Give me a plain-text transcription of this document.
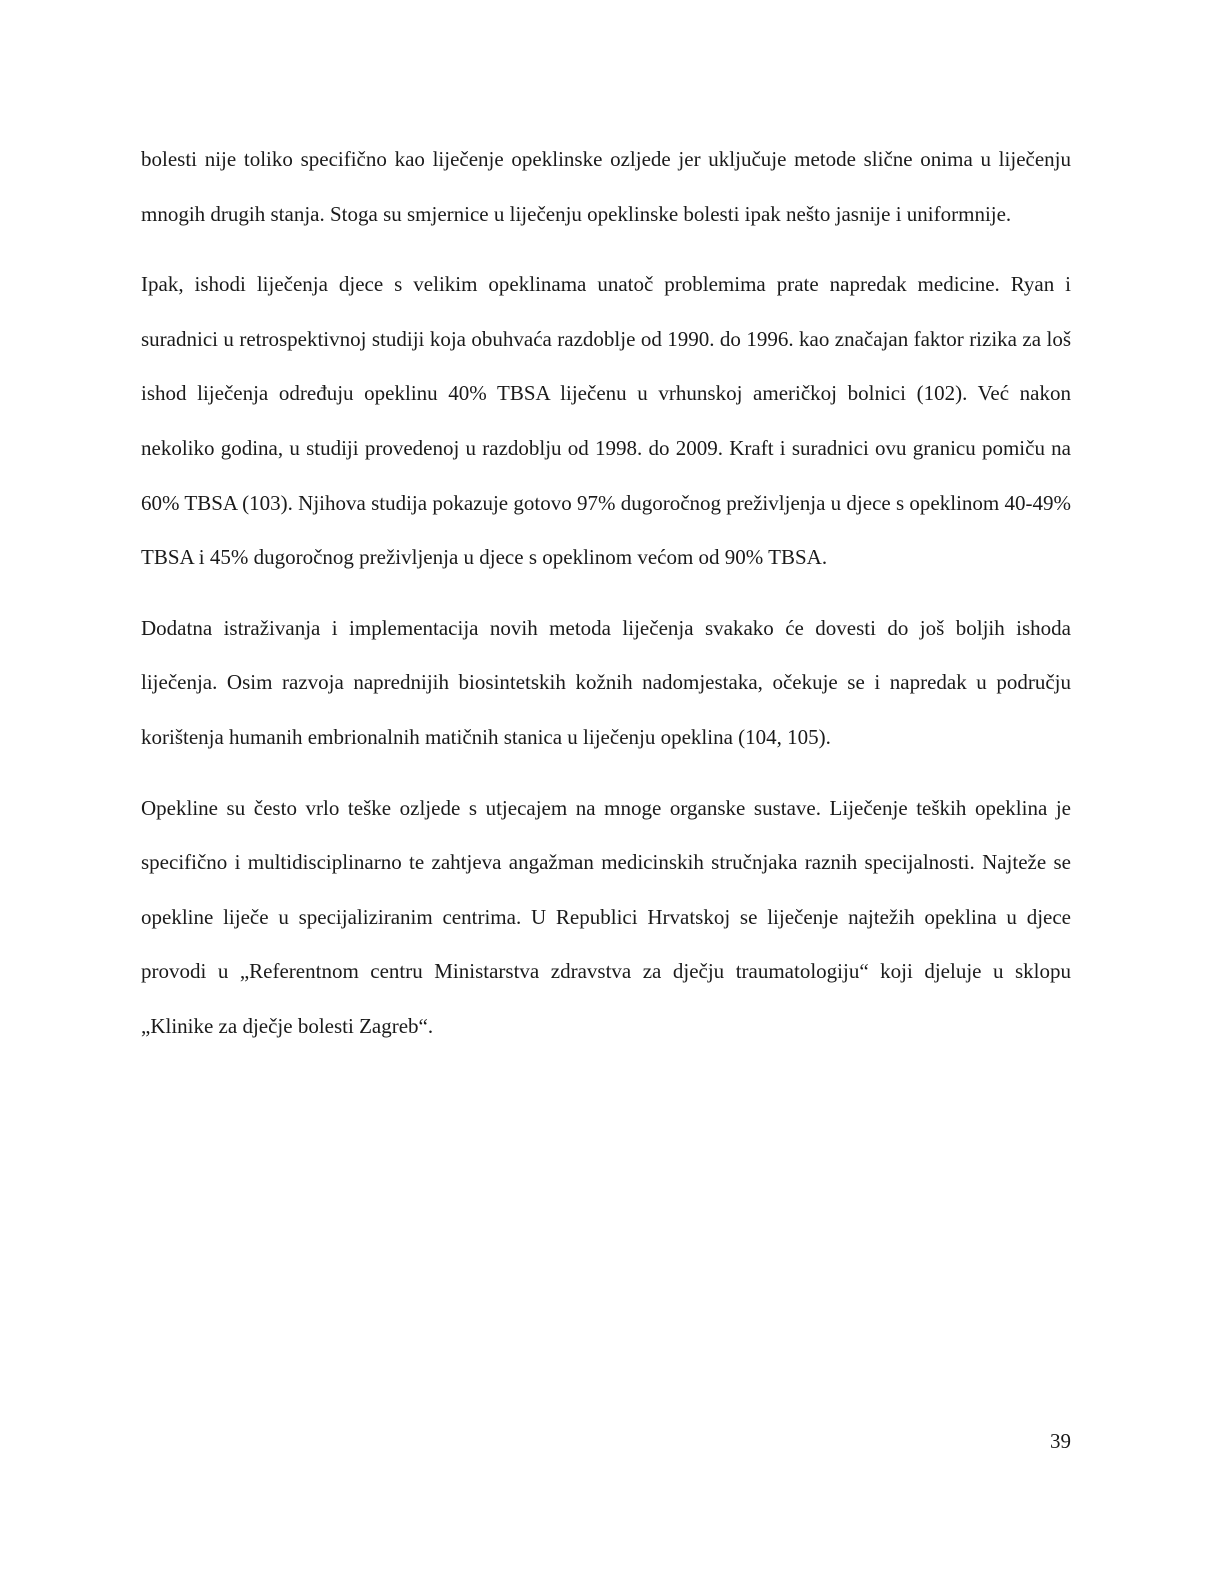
bolesti nije toliko specifično kao liječenje opeklinske ozljede jer uključuje metode slične onima u liječenju mnogih drugih stanja. Stoga su smjernice u liječenju opeklinske bolesti ipak nešto jasnije i uniformnije.

Ipak, ishodi liječenja djece s velikim opeklinama unatoč problemima prate napredak medicine. Ryan i suradnici u retrospektivnoj studiji koja obuhvaća razdoblje od 1990. do 1996. kao značajan faktor rizika za loš ishod liječenja određuju opeklinu 40% TBSA liječenu u vrhunskoj američkoj bolnici (102). Već nakon nekoliko godina, u studiji provedenoj u razdoblju od 1998. do 2009. Kraft i suradnici ovu granicu pomiču na 60% TBSA (103). Njihova studija pokazuje gotovo 97% dugoročnog preživljenja u djece s opeklinom 40-49% TBSA i 45% dugoročnog preživljenja u djece s opeklinom većom od 90% TBSA.

Dodatna istraživanja i implementacija novih metoda liječenja svakako će dovesti do još boljih ishoda liječenja. Osim razvoja naprednijih biosintetskih kožnih nadomjestaka, očekuje se i napredak u području korištenja humanih embrionalnih matičnih stanica u liječenju opeklina (104, 105).

Opekline su često vrlo teške ozljede s utjecajem na mnoge organske sustave. Liječenje teških opeklina je specifično i multidisciplinarno te zahtjeva angažman medicinskih stručnjaka raznih specijalnosti. Najteže se opekline liječe u specijaliziranim centrima. U Republici Hrvatskoj se liječenje najtežih opeklina u djece provodi u „Referentnom centru Ministarstva zdravstva za dječju traumatologiju“ koji djeluje u sklopu „Klinike za dječje bolesti Zagreb“.

39
